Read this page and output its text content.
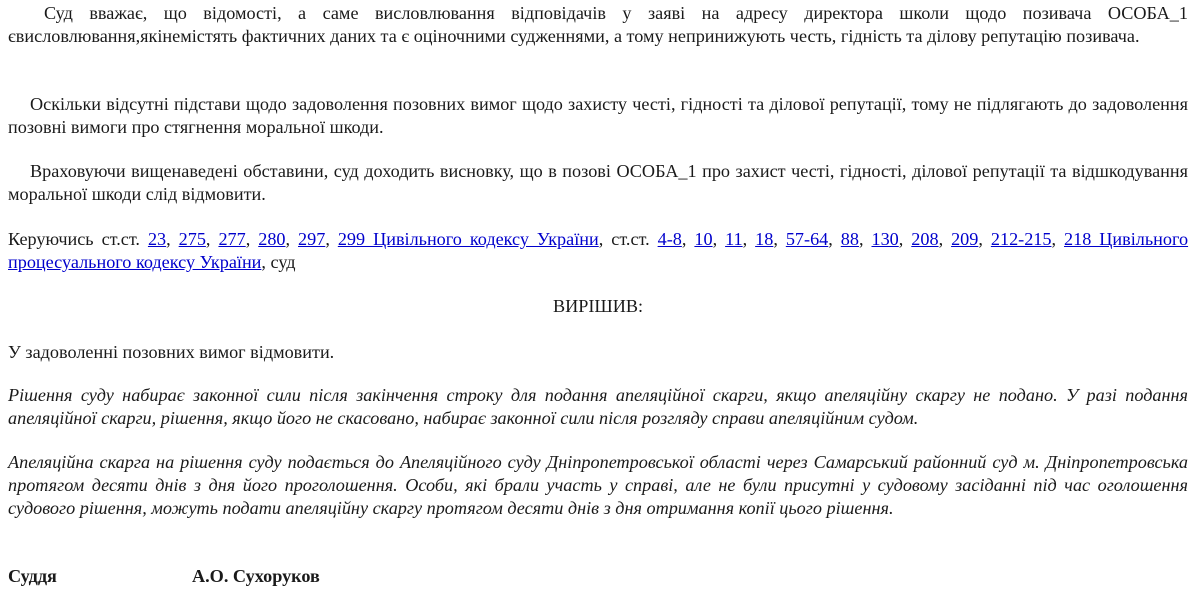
Суд вважає, що відомості, а саме висловлювання відповідачів у заяві на адресу директора школи щодо позивача ОСОБА_1 євисловлювання,якінемістять фактичних даних та є оціночними судженнями, а тому непринижують честь, гідність та ділову репутацію позивача.

Оскільки відсутні підстави щодо задоволення позовних вимог щодо захисту честі, гідності та ділової репутації, тому не підлягають до задоволення позовні вимоги про стягнення моральної шкоди.

Враховуючи вищенаведені обставини, суд доходить висновку, що в позові ОСОБА_1 про захист честі, гідності, ділової репутації та відшкодування моральної шкоди слід відмовити.

Керуючись ст.ст. 23, 275, 277, 280, 297, 299 Цивільного кодексу України, ст.ст. 4-8, 10, 11, 18, 57-64, 88, 130, 208, 209, 212-215, 218 Цивільного процесуального кодексу України, суд

ВИРІШИВ:

У задоволенні позовних вимог відмовити.

Рішення суду набирає законної сили після закінчення строку для подання апеляційної скарги, якщо апеляційну скаргу не подано. У разі подання апеляційної скарги, рішення, якщо його не скасовано, набирає законної сили після розгляду справи апеляційним судом.

Апеляційна скарга на рішення суду подається до Апеляційного суду Дніпропетровської області через Самарський районний суд м. Дніпропетровська протягом десяти днів з дня його проголошення. Особи, які брали участь у справі, але не були присутні у судовому засіданні під час оголошення судового рішення, можуть подати апеляційну скаргу протягом десяти днів з дня отримання копії цього рішення.

Суддя	А.О. Сухоруков
